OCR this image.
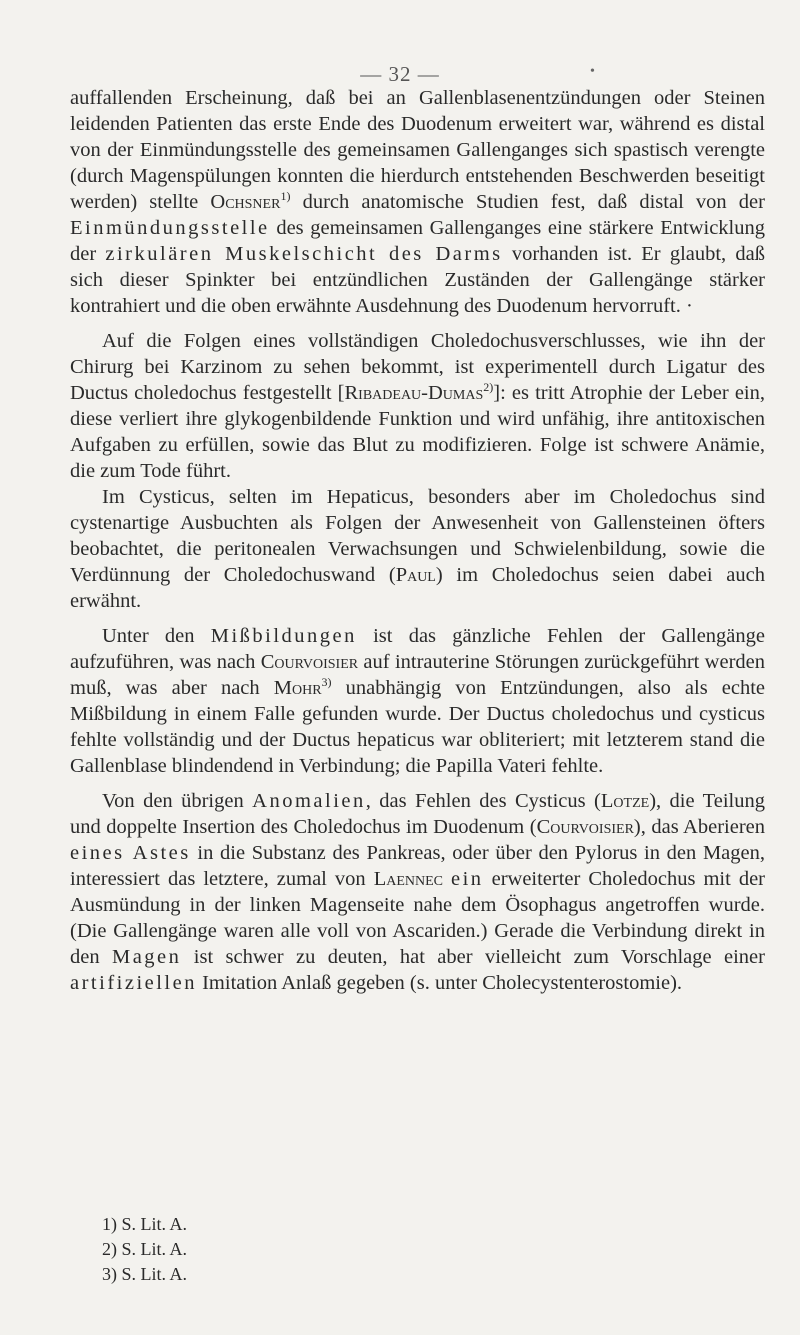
— 32 —	•

auffallenden Erscheinung, daß bei an Gallenblasenentzündungen oder Steinen leidenden Patienten das erste Ende des Duodenum erweitert war, während es distal von der Einmündungsstelle des gemeinsamen Gallenganges sich spastisch verengte (durch Magenspülungen konnten die hierdurch entstehenden Beschwerden beseitigt werden) stellte Ochsner$^{1)}$ durch anatomische Studien fest, daß distal von der Einmündungsstelle des gemeinsamen Gallenganges eine stärkere Entwicklung der zirkulären Muskelschicht des Darms vorhanden ist. Er glaubt, daß sich dieser Spinkter bei entzündlichen Zuständen der Gallengänge stärker kontrahiert und die oben erwähnte Ausdehnung des Duodenum hervorruft. ·

Auf die Folgen eines vollständigen Choledochusverschlusses, wie ihn der Chirurg bei Karzinom zu sehen bekommt, ist experimentell durch Ligatur des Ductus choledochus festgestellt [Ribadeau-Dumas$^{2)}$]: es tritt Atrophie der Leber ein, diese verliert ihre glykogenbildende Funktion und wird unfähig, ihre antitoxischen Aufgaben zu erfüllen, sowie das Blut zu modifizieren. Folge ist schwere Anämie, die zum Tode führt.

Im Cysticus, selten im Hepaticus, besonders aber im Choledochus sind cystenartige Ausbuchten als Folgen der Anwesenheit von Gallensteinen öfters beobachtet, die peritonealen Verwachsungen und Schwielenbildung, sowie die Verdünnung der Choledochuswand (Paul) im Choledochus seien dabei auch erwähnt.

Unter den Mißbildungen ist das gänzliche Fehlen der Gallengänge aufzuführen, was nach Courvoisier auf intrauterine Störungen zurückgeführt werden muß, was aber nach Mohr$^{3)}$ unabhängig von Entzündungen, also als echte Mißbildung in einem Falle gefunden wurde. Der Ductus choledochus und cysticus fehlte vollständig und der Ductus hepaticus war obliteriert; mit letzterem stand die Gallenblase blindendend in Verbindung; die Papilla Vateri fehlte.

Von den übrigen Anomalien, das Fehlen des Cysticus (Lotze), die Teilung und doppelte Insertion des Choledochus im Duodenum (Courvoisier), das Aberieren eines Astes in die Substanz des Pankreas, oder über den Pylorus in den Magen, interessiert das letztere, zumal von Laennec ein erweiterter Choledochus mit der Ausmündung in der linken Magenseite nahe dem Ösophagus angetroffen wurde. (Die Gallengänge waren alle voll von Ascariden.) Gerade die Verbindung direkt in den Magen ist schwer zu deuten, hat aber vielleicht zum Vorschlage einer artifiziellen Imitation Anlaß gegeben (s. unter Cholecystenterostomie).

1) S. Lit. A.
2) S. Lit. A.
3) S. Lit. A.
